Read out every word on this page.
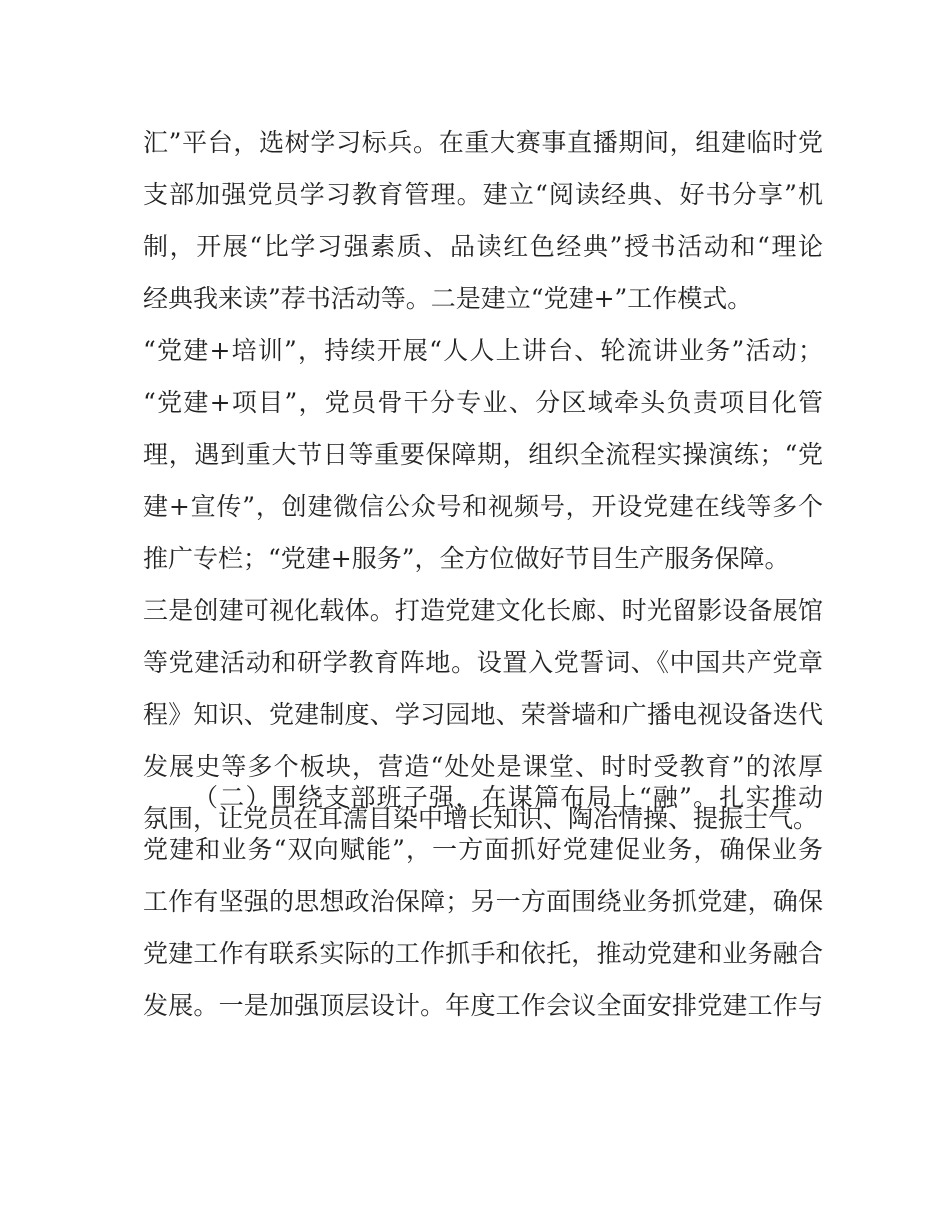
汇”平台，选树学习标兵。在重大赛事直播期间，组建临时党
支部加强党员学习教育管理。建立“阅读经典、好书分享”机
制，开展“比学习强素质、品读红色经典”授书活动和“理论
经典我来读”荐书活动等。二是建立“党建+”工作模式。
“党建+培训”，持续开展“人人上讲台、轮流讲业务”活动；
“党建+项目”，党员骨干分专业、分区域牵头负责项目化管
理，遇到重大节日等重要保障期，组织全流程实操演练；“党
建+宣传”，创建微信公众号和视频号，开设党建在线等多个
推广专栏；“党建+服务”，全方位做好节目生产服务保障。
三是创建可视化载体。打造党建文化长廊、时光留影设备展馆
等党建活动和研学教育阵地。设置入党誓词、《中国共产党章
程》知识、党建制度、学习园地、荣誉墙和广播电视设备迭代
发展史等多个板块，营造“处处是课堂、时时受教育”的浓厚
氛围，让党员在耳濡目染中增长知识、陶冶情操、提振士气。
（二）围绕支部班子强，在谋篇布局上“融”。扎实推动
党建和业务“双向赋能”，一方面抓好党建促业务，确保业务
工作有坚强的思想政治保障；另一方面围绕业务抓党建，确保
党建工作有联系实际的工作抓手和依托，推动党建和业务融合
发展。一是加强顶层设计。年度工作会议全面安排党建工作与
